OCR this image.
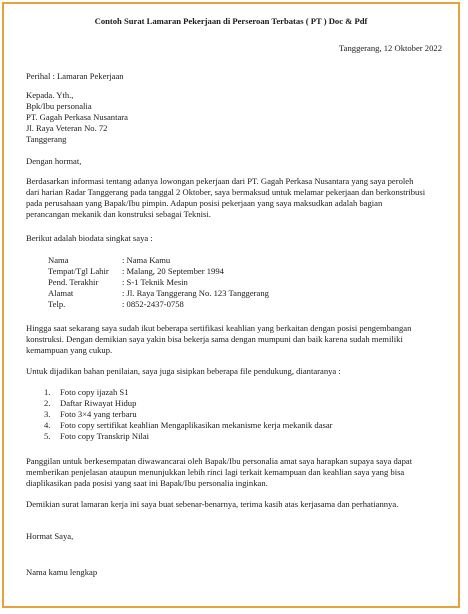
Contoh Surat Lamaran Pekerjaan di Perseroan Terbatas ( PT ) Doc & Pdf
Tanggerang, 12 Oktober 2022
Perihal : Lamaran Pekerjaan
Kepada. Yth.,
Bpk/Ibu personalia
PT. Gagah Perkasa Nusantara
Jl. Raya Veteran No. 72
Tanggerang
Dengan hormat,
Berdasarkan informasi tentang adanya lowongan pekerjaan dari PT. Gagah Perkasa Nusantara yang saya peroleh
dari harian Radar Tanggerang pada tanggal 2 Oktober, saya bermaksud untuk melamar pekerjaan dan berkonstribusi
pada perusahaan yang Bapak/Ibu pimpin. Adapun posisi pekerjaan yang saya maksudkan adalah bagian
perancangan mekanik dan konstruksi sebagai Teknisi.
Berikut adalah biodata singkat saya :
Nama	: Nama Kamu
Tempat/Tgl Lahir : Malang, 20 September 1994
Pend. Terakhir	: S-1 Teknik Mesin
Alamat	: Jl. Raya Tanggerang No. 123 Tanggerang
Telp.	: 0852-2437-0758
Hingga saat sekarang saya sudah ikut beberapa sertifikasi keahlian yang berkaitan dengan posisi pengembangan
konstruksi. Dengan demikian saya yakin bisa bekerja sama dengan mumpuni dan baik karena sudah memiliki
kemampuan yang cukup.
Untuk dijadikan bahan penilaian, saya juga sisipkan beberapa file pendukung, diantaranya :
1. Foto copy ijazah S1
2. Daftar Riwayat Hidup
3. Foto 3×4 yang terbaru
4. Foto copy sertifikat keahlian Mengaplikasikan mekanisme kerja mekanik dasar
5. Foto copy Transkrip Nilai
Panggilan untuk berkesempatan diwawancarai oleh Bapak/Ibu personalia amat saya harapkan supaya saya dapat
memberikan penjelasan ataupun menunjukkan lebih rinci lagi terkait kemampuan dan keahlian saya yang bisa
diaplikasikan pada posisi yang saat ini Bapak/Ibu personalia inginkan.
Demikian surat lamaran kerja ini saya buat sebenar-benarnya, terima kasih atas kerjasama dan perhatiannya.
Hormat Saya,
Nama kamu lengkap
